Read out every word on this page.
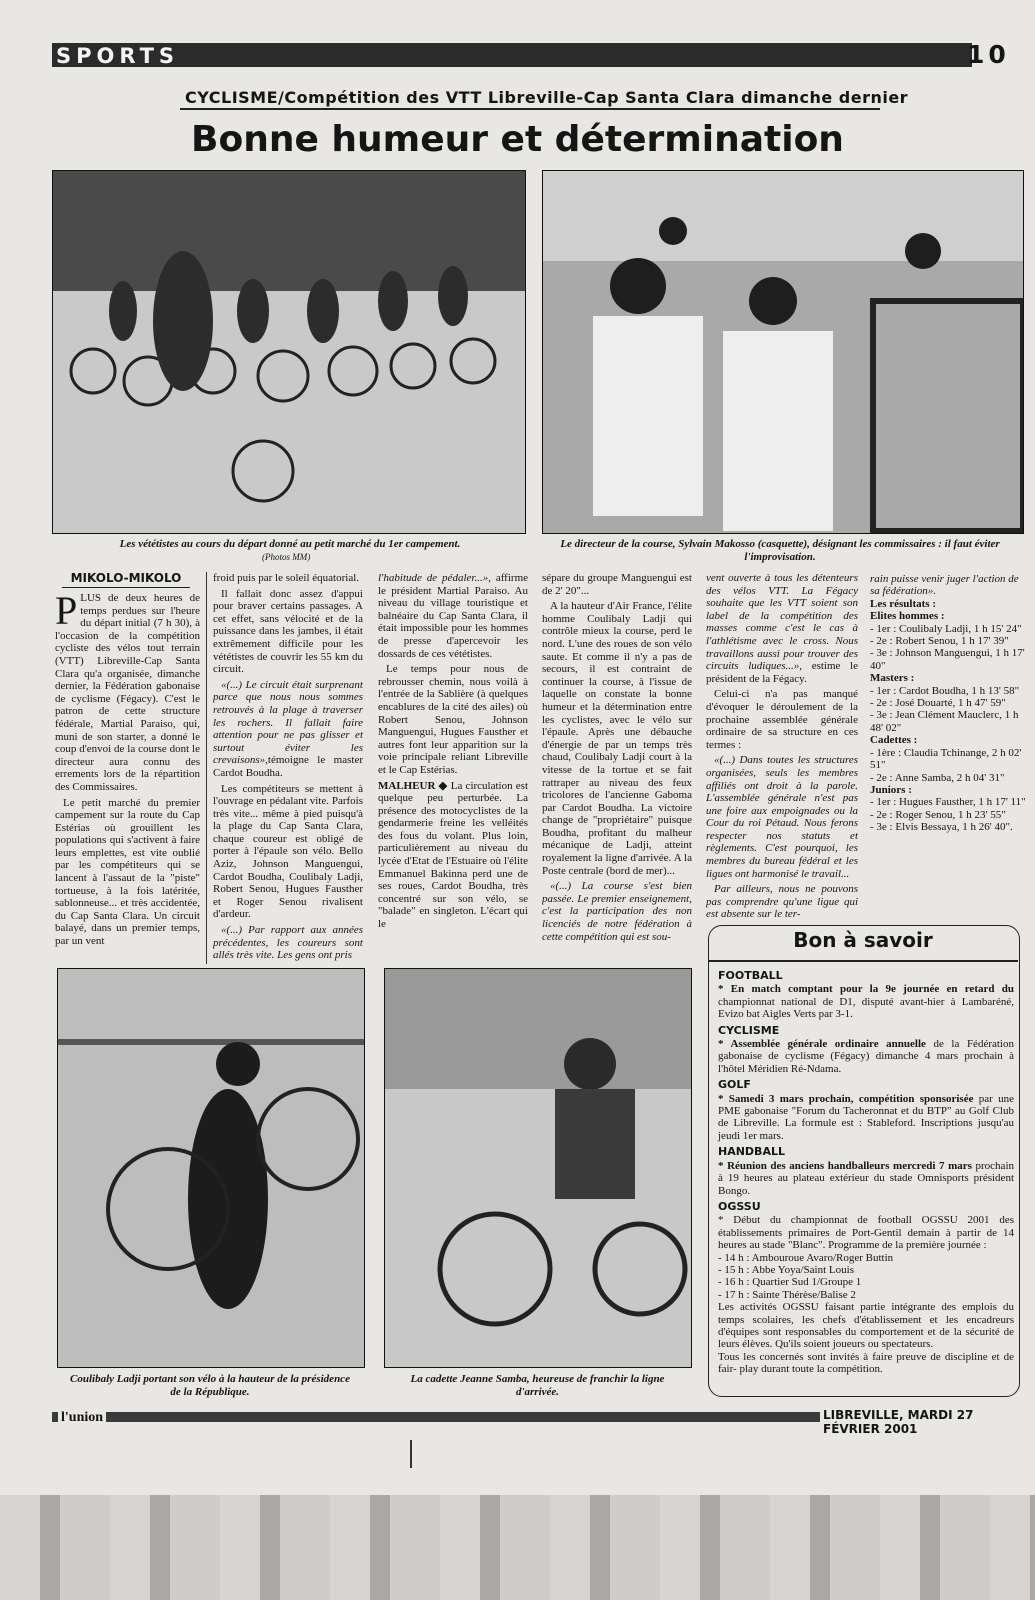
SPORTS	10
CYCLISME/Compétition des VTT Libreville-Cap Santa Clara dimanche dernier
Bonne humeur et détermination
Les vététistes au cours du départ donné au petit marché du 1er campement.
(Photos MM)
Le directeur de la course, Sylvain Makosso (casquette), désignant les commissaires : il faut éviter l'improvisation.
MIKOLO-MIKOLO

PLUS de deux heures de temps perdues sur l'heure du départ initial (7 h 30), à l'occasion de la compétition cycliste des vélos tout terrain (VTT) Libreville-Cap Santa Clara qu'a organisée, dimanche dernier, la Fédération gabonaise de cyclisme (Fégacy). C'est le patron de cette structure fédérale, Martial Paraiso, qui, muni de son starter, a donné le coup d'envoi de la course dont le directeur aura connu des errements lors de la répartition des Commissaires.

Le petit marché du premier campement sur la route du Cap Estérias où grouillent les populations qui s'activent à faire leurs emplettes, est vite oublié par les compétiteurs qui se lancent à l'assaut de la "piste" tortueuse, à la fois latéritée, sablonneuse... et très accidentée, du Cap Santa Clara. Un circuit balayé, dans un premier temps, par un vent

froid puis par le soleil équatorial.

Il fallait donc assez d'appui pour braver certains passages. A cet effet, sans vélocité et de la puissance dans les jambes, il était extrêmement difficile pour les vététistes de couvrir les 55 km du circuit.

«(...) Le circuit était surprenant parce que nous nous sommes retrouvés à la plage à traverser les rochers. Il fallait faire attention pour ne pas glisser et surtout éviter les crevaisons»,témoigne le master Cardot Boudha.

Les compétiteurs se mettent à l'ouvrage en pédalant vite. Parfois très vite... même à pied puisqu'à la plage du Cap Santa Clara, chaque coureur est obligé de porter à l'épaule son vélo. Bello Aziz, Johnson Manguengui, Cardot Boudha, Coulibaly Ladji, Robert Senou, Hugues Fausther et Roger Senou rivalisent d'ardeur.

«(...) Par rapport aux années précédentes, les coureurs sont allés très vite. Les gens ont pris

l'habitude de pédaler...», affirme le président Martial Paraiso. Au niveau du village touristique et balnéaire du Cap Santa Clara, il était impossible pour les hommes de presse d'apercevoir les dossards de ces vététistes.

Le temps pour nous de rebrousser chemin, nous voilà à l'entrée de la Sablière (à quelques encablures de la cité des ailes) où Robert Senou, Johnson Manguengui, Hugues Fausther et autres font leur apparition sur la voie principale reliant Libreville et le Cap Estérias.

MALHEUR ◆ La circulation est quelque peu perturbée. La présence des motocyclistes de la gendarmerie freine les velléités des fous du volant. Plus loin, particulièrement au niveau du lycée d'Etat de l'Estuaire où l'élite Emmanuel Bakinna perd une de ses roues, Cardot Boudha, très concentré sur son vélo, se "balade" en singleton. L'écart qui le

sépare du groupe Manguengui est de 2' 20"...

A la hauteur d'Air France, l'élite homme Coulibaly Ladji qui contrôle mieux la course, perd le nord. L'une des roues de son vélo saute. Et comme il n'y a pas de secours, il est contraint de continuer la course, à l'issue de laquelle on constate la bonne humeur et la détermination entre les cyclistes, avec le vélo sur l'épaule. Après une débauche d'énergie de par un temps très chaud, Coulibaly Ladji court à la vitesse de la tortue et se fait rattraper au niveau des feux tricolores de l'ancienne Gaboma par Cardot Boudha. La victoire change de "propriétaire" puisque Boudha, profitant du malheur mécanique de Ladji, atteint royalement la ligne d'arrivée. A la Poste centrale (bord de mer)...

«(...) La course s'est bien passée. Le premier enseignement, c'est la participation des non licenciés de notre fédération à cette compétition qui est sou-

vent ouverte à tous les détenteurs des vélos VTT. La Fégacy souhaite que les VTT soient son label de la compétition des masses comme c'est le cas à l'athlétisme avec le cross. Nous travaillons aussi pour trouver des circuits ludiques...», estime le président de la Fégacy.

Celui-ci n'a pas manqué d'évoquer le déroulement de la prochaine assemblée générale ordinaire de sa structure en ces termes :

«(...) Dans toutes les structures organisées, seuls les membres affiliés ont droit à la parole. L'assemblée générale n'est pas une foire aux empoignades ou la Cour du roi Pétaud. Nous ferons respecter nos statuts et règlements. C'est pourquoi, les membres du bureau fédéral et les ligues ont harmonisé le travail...

Par ailleurs, nous ne pouvons pas comprendre qu'une ligue qui est absente sur le ter-

rain puisse venir juger l'action de sa fédération».
Les résultats :
Elites hommes :
- 1er : Coulibaly Ladji, 1 h 15' 24"
- 2e : Robert Senou, 1 h 17' 39"
- 3e : Johnson Manguengui, 1 h 17' 40"
Masters :
- 1er : Cardot Boudha, 1 h 13' 58"
- 2e : José Douarté, 1 h 47' 59"
- 3e : Jean Clément Mauclerc, 1 h 48' 02"
Cadettes :
- 1ère : Claudia Tchinange, 2 h 02' 51"
- 2e : Anne Samba, 2 h 04' 31"
Juniors :
- 1er : Hugues Fausther, 1 h 17' 11"
- 2e : Roger Senou, 1 h 23' 55"
- 3e : Elvis Bessaya, 1 h 26' 40".
Coulibaly Ladji portant son vélo à la hauteur de la présidence de la République.
La cadette Jeanne Samba, heureuse de franchir la ligne d'arrivée.
Bon à savoir
FOOTBALL

* En match comptant pour la 9e journée en retard du championnat national de D1, disputé avant-hier à Lambaréné, Evizo bat Aigles Verts par 3-1.

CYCLISME

* Assemblée générale ordinaire annuelle de la Fédération gabonaise de cyclisme (Fégacy) dimanche 4 mars prochain à l'hôtel Méridien Ré-Ndama.

GOLF

* Samedi 3 mars prochain, compétition sponsorisée par une PME gabonaise "Forum du Tacheronnat et du BTP" au Golf Club de Libreville. La formule est : Stableford. Inscriptions jusqu'au jeudi 1er mars.

HANDBALL

* Réunion des anciens handballeurs mercredi 7 mars prochain à 19 heures au plateau extérieur du stade Omnisports président Bongo.

OGSSU

* Début du championnat de football OGSSU 2001 des établissements primaires de Port-Gentil demain à partir de 14 heures au stade "Blanc". Programme de la première journée :

- 14 h : Ambouroue Avaro/Roger Buttin
- 15 h : Abbe Yoya/Saint Louis
- 16 h : Quartier Sud 1/Groupe 1
- 17 h : Sainte Thérèse/Balise 2

Les activités OGSSU faisant partie intégrante des emplois du temps scolaires, les chefs d'établissement et les encadreurs d'équipes sont responsables du comportement et de la sécurité de leurs élèves. Qu'ils soient joueurs ou spectateurs.

Tous les concernés sont invités à faire preuve de discipline et de fair- play durant toute la compétition.

l'union	LIBREVILLE, MARDI 27 FÉVRIER 2001
